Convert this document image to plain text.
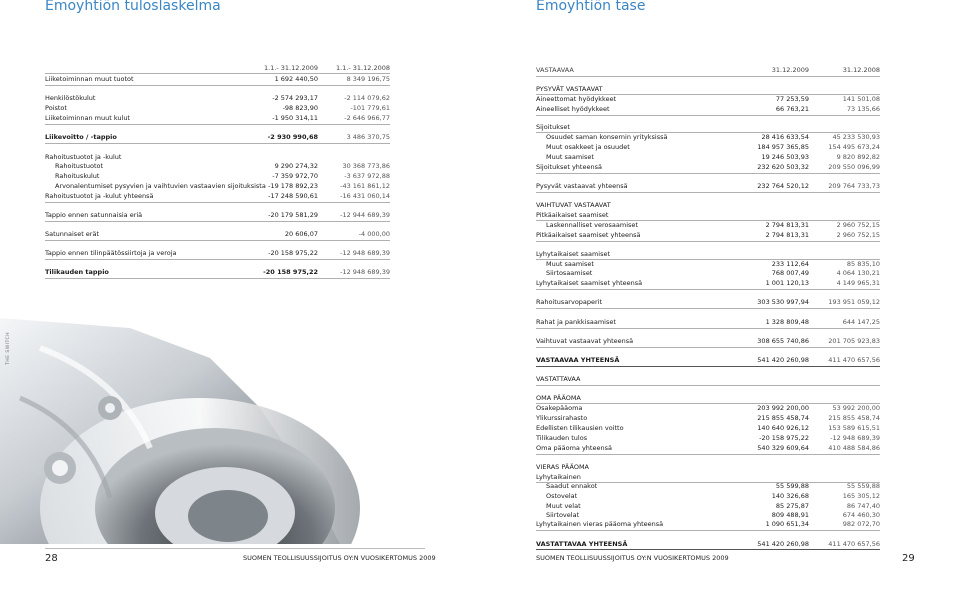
Emoyhtiön tuloslaskelma	Emoyhtiön tase
1.1.- 31.12.2009	1.1.- 31.12.2008
Liiketoiminnan muut tuotot	1 692 440,50	8 349 196,75
Henkilöstökulut	-2 574 293,17	-2 114 079,62
Poistot	-98 823,90	-101 779,61
Liiketoiminnan muut kulut	-1 950 314,11	-2 646 966,77
Liikevoitto / -tappio	-2 930 990,68	3 486 370,75
Rahoitustuotot ja -kulut
Rahoitustuotot	9 290 274,32	30 368 773,86
Rahoituskulut	-7 359 972,70	-3 637 972,88
Arvonalentumiset pysyvien ja vaihtuvien vastaavien sijoituksista -19 178 892,23	-43 161 861,12
Rahoitustuotot ja -kulut yhteensä	-17 248 590,61	-16 431 060,14
Tappio ennen satunnaisia eriä	-20 179 581,29	-12 944 689,39
Satunnaiset erät	20 606,07	-4 000,00
Tappio ennen tilinpäätössiirtoja ja veroja	-20 158 975,22	-12 948 689,39
Tilikauden tappio	-20 158 975,22	-12 948 689,39
VASTAAVAA	31.12.2009	31.12.2008
PYSYVÄT VASTAAVAT
Aineettomat hyödykkeet	77 253,59	141 501,08
Aineelliset hyödykkeet	66 763,21	73 135,66
Sijoitukset
Osuudet saman konsernin yrityksissä	28 416 633,54	45 233 530,93
Muut osakkeet ja osuudet	184 957 365,85	154 495 673,24
Muut saamiset	19 246 503,93	9 820 892,82
Sijoitukset yhteensä	232 620 503,32	209 550 096,99
Pysyvät vastaavat yhteensä	232 764 520,12	209 764 733,73
VAIHTUVAT VASTAAVAT
Pitkäaikaiset saamiset
Laskennalliset verosaamiset	2 794 813,31	2 960 752,15
Pitkäaikaiset saamiset yhteensä	2 794 813,31	2 960 752,15
Lyhytaikaiset saamiset
Muut saamiset	233 112,64	85 835,10
Siirtosaamiset	768 007,49	4 064 130,21
Lyhytaikaiset saamiset yhteensä	1 001 120,13	4 149 965,31
Rahoitusarvopaperit	303 530 997,94	193 951 059,12
Rahat ja pankkisaamiset	1 328 809,48	644 147,25
Vaihtuvat vastaavat yhteensä	308 655 740,86	201 705 923,83
VASTAAVAA YHTEENSÄ	541 420 260,98	411 470 657,56
VASTATTAVAA
OMA PÄÄOMA
Osakepääoma	203 992 200,00	53 992 200,00
Ylikurssirahasto	215 855 458,74	215 855 458,74
Edellisten tilikausien voitto	140 640 926,12	153 589 615,51
Tilikauden tulos	-20 158 975,22	-12 948 689,39
Oma pääoma yhteensä	540 329 609,64	410 488 584,86
VIERAS PÄÄOMA
Lyhytaikainen
Saadut ennakot	55 599,88	55 559,88
Ostovelat	140 326,68	165 305,12
Muut velat	85 275,87	86 747,40
Siirtovelat	809 488,91	674 460,30
Lyhytaikainen vieras pääoma yhteensä	1 090 651,34	982 072,70
VASTATTAVAA YHTEENSÄ	541 420 260,98	411 470 657,56
THE SWITCH
28	SUOMEN TEOLLISUUSSIJOITUS OY:N VUOSIKERTOMUS 2009	SUOMEN TEOLLISUUSSIJOITUS OY:N VUOSIKERTOMUS 2009	29
